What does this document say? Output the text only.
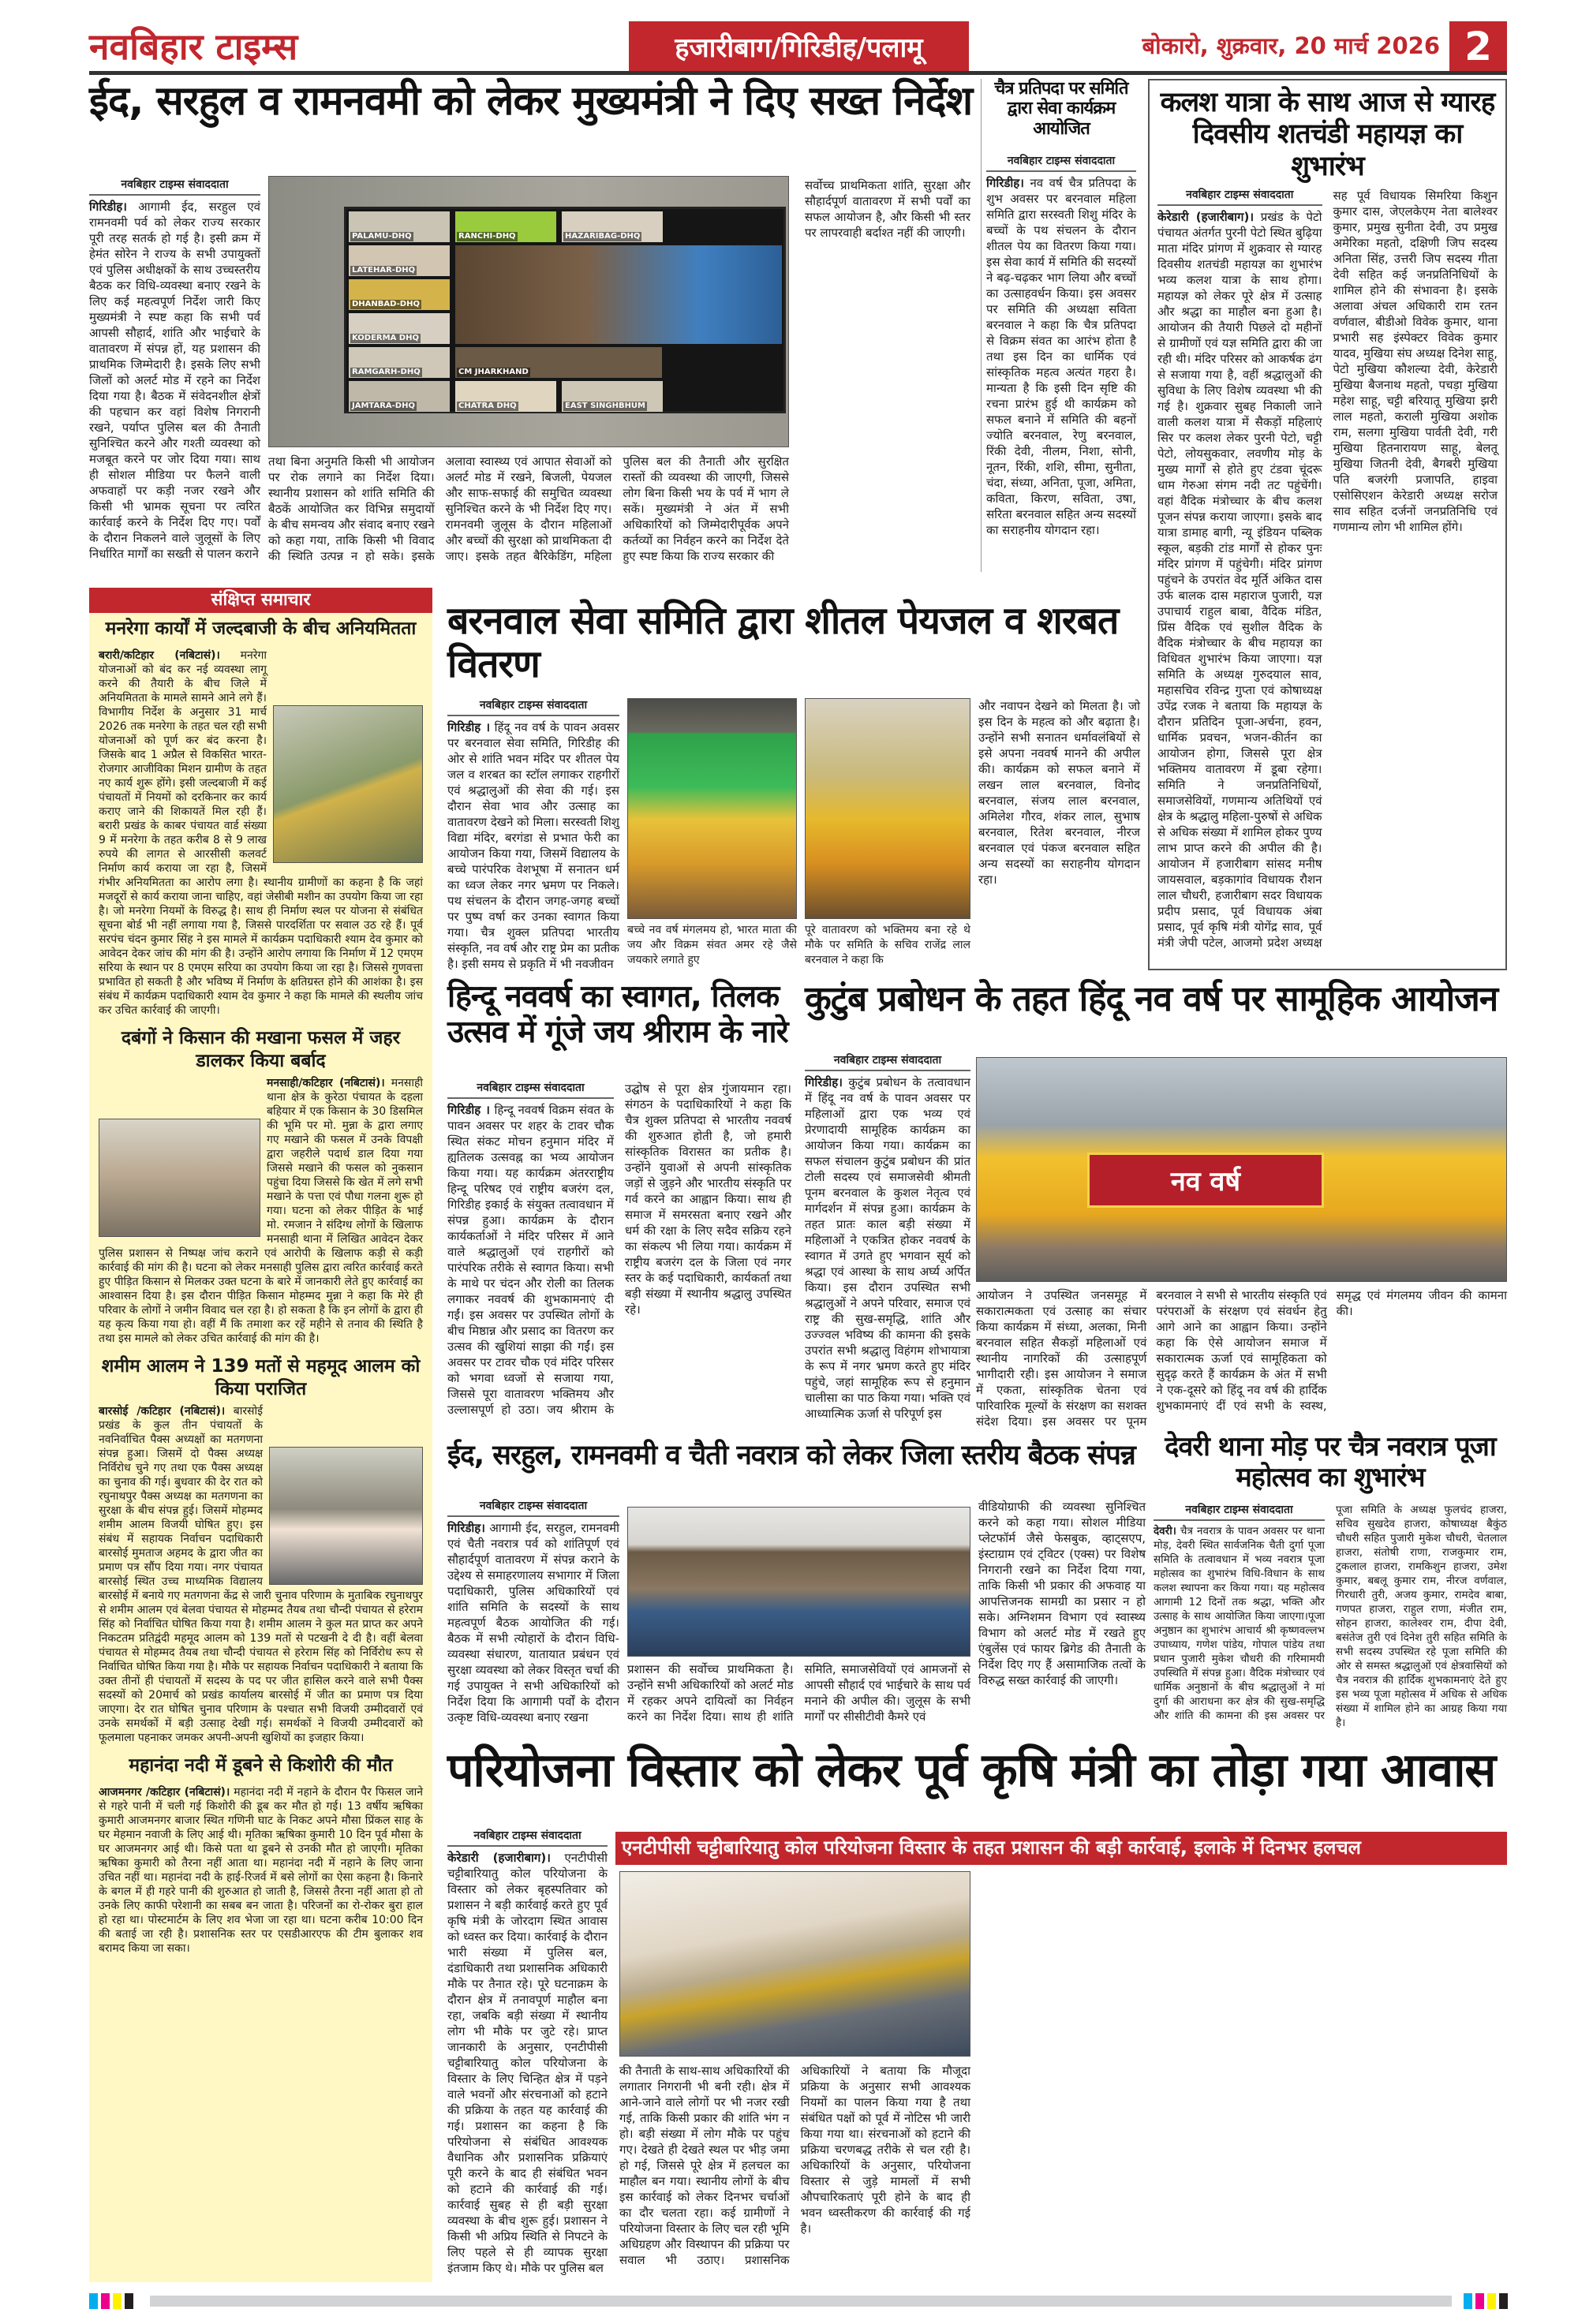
नवबिहार टाइम्स	हजारीबाग/गिरिडीह/पलामू	बोकारो, शुक्रवार, 20 मार्च 2026 2
ईद, सरहुल व रामनवमी को लेकर मुख्यमंत्री ने दिए सख्त निर्देश
नवबिहार टाइम्स संवाददाता
गिरिडीह। आगामी ईद, सरहुल एवं रामनवमी पर्व को लेकर राज्य सरकार पूरी तरह सतर्क हो गई है। इसी क्रम में हेमंत सोरेन ने राज्य के सभी उपायुक्तों एवं पुलिस अधीक्षकों के साथ उच्चस्तरीय बैठक कर विधि-व्यवस्था बनाए रखने के लिए कई महत्वपूर्ण निर्देश जारी किए मुख्यमंत्री ने स्पष्ट कहा कि सभी पर्व आपसी सौहार्द, शांति और भाईचारे के वातावरण में संपन्न हों, यह प्रशासन की प्राथमिक जिम्मेदारी है। इसके लिए सभी जिलों को अलर्ट मोड में रहने का निर्देश दिया गया है। बैठक में संवेदनशील क्षेत्रों की पहचान कर वहां विशेष निगरानी रखने, पर्याप्त पुलिस बल की तैनाती सुनिश्चित करने और गश्ती व्यवस्था को मजबूत करने पर जोर दिया गया। साथ ही सोशल मीडिया पर फैलने वाली अफवाहों पर कड़ी नजर रखने और किसी भी भ्रामक सूचना पर त्वरित कार्रवाई करने के निर्देश दिए गए। पर्वों के दौरान निकलने वाले जुलूसों के लिए निर्धारित मार्गों का सख्ती से पालन कराने
PALAMU-DHQ	RANCHI-DHQ	HAZARIBAG-DHQ
LATEHAR-DHQ
DHANBAD-DHQ
KODERMA DHQ
RAMGARH-DHQ	CM JHARKHAND
JAMTARA-DHQ	CHATRA DHQ	EAST SINGHBHUM
तथा बिना अनुमति किसी भी आयोजन पर रोक लगाने का निर्देश दिया। स्थानीय प्रशासन को शांति समिति की बैठकें आयोजित कर विभिन्न समुदायों के बीच समन्वय और संवाद बनाए रखने को कहा गया, ताकि किसी भी विवाद की स्थिति उत्पन्न न हो सके। इसके अलावा स्वास्थ्य एवं आपात सेवाओं को अलर्ट मोड में रखने, बिजली, पेयजल और साफ-सफाई की समुचित व्यवस्था सुनिश्चित करने के भी निर्देश दिए गए। रामनवमी जुलूस के दौरान महिलाओं और बच्चों की सुरक्षा को प्राथमिकता दी जाए। इसके तहत बैरिकेडिंग, महिला पुलिस बल की तैनाती और सुरक्षित रास्तों की व्यवस्था की जाएगी, जिससे लोग बिना किसी भय के पर्व में भाग ले सकें। मुख्यमंत्री ने अंत में सभी अधिकारियों को जिम्मेदारीपूर्वक अपने कर्तव्यों का निर्वहन करने का निर्देश देते हुए स्पष्ट किया कि राज्य सरकार की
सर्वोच्च प्राथमिकता शांति, सुरक्षा और सौहार्दपूर्ण वातावरण में सभी पर्वों का सफल आयोजन है, और किसी भी स्तर पर लापरवाही बर्दाश्त नहीं की जाएगी।
चैत्र प्रतिपदा पर समिति द्वारा सेवा कार्यक्रम आयोजित
नवबिहार टाइम्स संवाददाता
गिरिडीह। नव वर्ष चैत्र प्रतिपदा के शुभ अवसर पर बरनवाल महिला समिति द्वारा सरस्वती शिशु मंदिर के बच्चों के पथ संचलन के दौरान शीतल पेय का वितरण किया गया। इस सेवा कार्य में समिति की सदस्यों ने बढ़-चढ़कर भाग लिया और बच्चों का उत्साहवर्धन किया। इस अवसर पर समिति की अध्यक्षा सविता बरनवाल ने कहा कि चैत्र प्रतिपदा से विक्रम संवत का आरंभ होता है तथा इस दिन का धार्मिक एवं सांस्कृतिक महत्व अत्यंत गहरा है। मान्यता है कि इसी दिन सृष्टि की रचना प्रारंभ हुई थी कार्यक्रम को सफल बनाने में समिति की बहनों ज्योति बरनवाल, रेणु बरनवाल, रिंकी देवी, नीलम, निशा, सोनी, नूतन, रिंकी, शशि, सीमा, सुनीता, चंदा, संध्या, अनिता, पूजा, अमिता, कविता, किरण, सविता, उषा, सरिता बरनवाल सहित अन्य सदस्यों का सराहनीय योगदान रहा।
कलश यात्रा के साथ आज से ग्यारह दिवसीय शतचंडी महायज्ञ का शुभारंभ
नवबिहार टाइम्स संवाददाता
केरेडारी (हजारीबाग)। प्रखंड के पेटो पंचायत अंतर्गत पुरनी पेटो स्थित बुढ़िया माता मंदिर प्रांगण में शुक्रवार से ग्यारह दिवसीय शतचंडी महायज्ञ का शुभारंभ भव्य कलश यात्रा के साथ होगा। महायज्ञ को लेकर पूरे क्षेत्र में उत्साह और श्रद्धा का माहौल बना हुआ है। आयोजन की तैयारी पिछले दो महीनों से ग्रामीणों एवं यज्ञ समिति द्वारा की जा रही थी। मंदिर परिसर को आकर्षक ढंग से सजाया गया है, वहीं श्रद्धालुओं की सुविधा के लिए विशेष व्यवस्था भी की गई है। शुक्रवार सुबह निकाली जाने वाली कलश यात्रा में सैकड़ों महिलाएं सिर पर कलश लेकर पुरनी पेटो, चट्टी पेटो, लोयसुकवार, लवणीय मोड़ के मुख्य मार्गों से होते हुए टंडवा चूंदरू धाम गेरुआ संगम नदी तट पहुंचेंगी। वहां वैदिक मंत्रोच्चार के बीच कलश पूजन संपन्न कराया जाएगा। इसके बाद यात्रा डामाह बागी, न्यू इंडियन पब्लिक स्कूल, बड़की टांड मार्गों से होकर पुनः मंदिर प्रांगण में पहुंचेगी। मंदिर प्रांगण पहुंचने के उपरांत वेद मूर्ति अंकित दास उर्फ बालक दास महाराज पुजारी, यज्ञ उपाचार्य राहुल बाबा, वैदिक मंडित, प्रिंस वैदिक एवं सुशील वैदिक के वैदिक मंत्रोच्चार के बीच महायज्ञ का विधिवत शुभारंभ किया जाएगा। यज्ञ समिति के अध्यक्ष गुरुदयाल साव, महासचिव रविन्द्र गुप्ता एवं कोषाध्यक्ष उपेंद्र रजक ने बताया कि महायज्ञ के दौरान प्रतिदिन पूजा-अर्चना, हवन, धार्मिक प्रवचन, भजन-कीर्तन का आयोजन होगा, जिससे पूरा क्षेत्र भक्तिमय वातावरण में डूबा रहेगा। समिति ने जनप्रतिनिधियों, समाजसेवियों, गणमान्य अतिथियों एवं क्षेत्र के श्रद्धालु महिला-पुरुषों से अधिक से अधिक संख्या में शामिल होकर पुण्य लाभ प्राप्त करने की अपील की है। आयोजन में हजारीबाग सांसद मनीष जायसवाल, बड़कागांव विधायक रौशन लाल चौधरी, हजारीबाग सदर विधायक प्रदीप प्रसाद, पूर्व विधायक अंबा प्रसाद, पूर्व कृषि मंत्री योगेंद्र साव, पूर्व मंत्री जेपी पटेल, आजमो प्रदेश अध्यक्ष सह पूर्व विधायक सिमरिया किशुन कुमार दास, जेएलकेएम नेता बालेश्वर कुमार, प्रमुख सुनीता देवी, उप प्रमुख अमेरिका महतो, दक्षिणी जिप सदस्य अनिता सिंह, उत्तरी जिप सदस्य गीता देवी सहित कई जनप्रतिनिधियों के शामिल होने की संभावना है। इसके अलावा अंचल अधिकारी राम रतन वर्णवाल, बीडीओ विवेक कुमार, थाना प्रभारी सह इंस्पेक्टर विवेक कुमार यादव, मुखिया संघ अध्यक्ष दिनेश साहू, पेटो मुखिया कौशल्या देवी, केरेडारी मुखिया बैजनाथ महतो, पचड़ा मुखिया महेश साहू, चट्टी बरियातू मुखिया झरी लाल महतो, कराली मुखिया अशोक राम, सलगा मुखिया पार्वती देवी, गरी मुखिया हितनारायण साहू, बेलतू मुखिया जितनी देवी, बैगबरी मुखिया पति बजरंगी प्रजापति, हाइवा एसोसिएशन केरेडारी अध्यक्ष सरोज साव सहित दर्जनों जनप्रतिनिधि एवं गणमान्य लोग भी शामिल होंगे।
संक्षिप्त समाचार
मनरेगा कार्यों में जल्दबाजी के बीच अनियमितता
बरारी/कटिहार (नबिटासं)। मनरेगा योजनाओं को बंद कर नई व्यवस्था लागू करने की तैयारी के बीच जिले में अनियमितता के मामले सामने आने लगे हैं। विभागीय निर्देश के अनुसार 31 मार्च 2026 तक मनरेगा के तहत चल रही सभी योजनाओं को पूर्ण कर बंद करना है। जिसके बाद 1 अप्रैल से विकसित भारत-रोजगार आजीविका मिशन ग्रामीण के तहत नए कार्य शुरू होंगे। इसी जल्दबाजी में कई पंचायतों में नियमों को दरकिनार कर कार्य कराए जाने की शिकायतें मिल रही हैं। बरारी प्रखंड के काबर पंचायत वार्ड संख्या 9 में मनरेगा के तहत करीब 8 से 9 लाख रुपये की लागत से आरसीसी कलवर्ट निर्माण कार्य कराया जा रहा है, जिसमें गंभीर अनियमितता का आरोप लगा है। स्थानीय ग्रामीणों का कहना है कि जहां मजदूरों से कार्य कराया जाना चाहिए, वहां जेसीबी मशीन का उपयोग किया जा रहा है। जो मनरेगा नियमों के विरुद्ध है। साथ ही निर्माण स्थल पर योजना से संबंधित सूचना बोर्ड भी नहीं लगाया गया है, जिससे पारदर्शिता पर सवाल उठ रहे हैं। पूर्व सरपंच चंदन कुमार सिंह ने इस मामले में कार्यक्रम पदाधिकारी श्याम देव कुमार को आवेदन देकर जांच की मांग की है। उन्होंने आरोप लगाया कि निर्माण में 12 एमएम सरिया के स्थान पर 8 एमएम सरिया का उपयोग किया जा रहा है। जिससे गुणवत्ता प्रभावित हो सकती है और भविष्य में निर्माण के क्षतिग्रस्त होने की आशंका है। इस संबंध में कार्यक्रम पदाधिकारी श्याम देव कुमार ने कहा कि मामले की स्थलीय जांच कर उचित कार्रवाई की जाएगी।
दबंगों ने किसान की मखाना फसल में जहर डालकर किया बर्बाद
मनसाही/कटिहार (नबिटासं)। मनसाही थाना क्षेत्र के कुरेठा पंचायत के दहला बहियार में एक किसान के 30 डिसमिल की भूमि पर मो. मुन्ना के द्वारा लगाए गए मखाने की फसल में उनके विपक्षी द्वारा जहरीले पदार्थ डाल दिया गया जिससे मखाने की फसल को नुकसान पहुंचा दिया जिससे कि खेत में लगे सभी मखाने के पत्ता एवं पौधा गलना शुरू हो गया। घटना को लेकर पीड़ित के भाई मो. रमजान ने संदिग्ध लोगों के खिलाफ मनसाही थाना में लिखित आवेदन देकर पुलिस प्रशासन से निष्पक्ष जांच कराने एवं आरोपी के खिलाफ कड़ी से कड़ी कार्रवाई की मांग की है। घटना को लेकर मनसाही पुलिस द्वारा त्वरित कार्रवाई करते हुए पीड़ित किसान से मिलकर उक्त घटना के बारे में जानकारी लेते हुए कार्रवाई का आश्वासन दिया है। इस दौरान पीड़ित किसान मोहम्मद मुन्ना ने कहा कि मेरे ही परिवार के लोगों ने जमीन विवाद चल रहा है। हो सकता है कि इन लोगों के द्वारा ही यह कृत्य किया गया हो। वहीं मैं कि तमाशा कर रहें महीने से तनाव की स्थिति है तथा इस मामले को लेकर उचित कार्रवाई की मांग की है।
शमीम आलम ने 139 मतों से महमूद आलम को किया पराजित
बारसोई /कटिहार (नबिटासं)। बारसोई प्रखंड के कुल तीन पंचायतों के नवनिर्वाचित पैक्स अध्यक्षों का मतगणना संपन्न हुआ। जिसमें दो पैक्स अध्यक्ष निर्विरोध चुने गए तथा एक पैक्स अध्यक्ष का चुनाव की गई। बुधवार की देर रात को रघुनाथपुर पैक्स अध्यक्ष का मतगणना का सुरक्षा के बीच संपन्न हुई। जिसमें मोहम्मद शमीम आलम विजयी घोषित हुए। इस संबंध में सहायक निर्वाचन पदाधिकारी बारसोई मुमताज अहमद के द्वारा जीत का प्रमाण पत्र सौंप दिया गया। नगर पंचायत बारसोई स्थित उच्च माध्यमिक विद्यालय बारसोई में बनाये गए मतगणना केंद्र से जारी चुनाव परिणाम के मुताबिक रघुनाथपुर से शमीम आलम एवं बेलवा पंचायत से मोहम्मद तैयब तथा चौन्दी पंचायत से हरेराम सिंह को निर्वाचित घोषित किया गया है। शमीम आलम ने कुल मत प्राप्त कर अपने निकटतम प्रतिद्वंदी महमूद आलम को 139 मतों से पटखनी दे दी है। वहीं बेलवा पंचायत से मोहम्मद तैयब तथा चौन्दी पंचायत से हरेराम सिंह को निर्विरोध रूप से निर्वाचित घोषित किया गया है। मौके पर सहायक निर्वाचन पदाधिकारी ने बताया कि उक्त तीनों ही पंचायतों में सदस्य के पद पर जीत हासिल करने वाले सभी पैक्स सदस्यों को 20मार्च को प्रखंड कार्यालय बारसोई में जीत का प्रमाण पत्र दिया जाएगा। देर रात घोषित चुनाव परिणाम के पश्चात सभी विजयी उम्मीदवारों एवं उनके समर्थकों में बड़ी उत्साह देखी गई। समर्थकों ने विजयी उम्मीदवारों को फूलमाला पहनाकर जमकर अपनी-अपनी खुशियों का इजहार किया।
महानंदा नदी में डूबने से किशोरी की मौत
आजमनगर /कटिहार (नबिटासं)। महानंदा नदी में नहाने के दौरान पैर फिसल जाने से गहरे पानी में चली गई किशोरी की डूब कर मौत हो गई। 13 वर्षीय ऋषिका कुमारी आजमनगर बाजार स्थित गणिनी घाट के निकट अपने मौसा प्रिंकल साह के घर मेहमान नवाजी के लिए आई थी। मृतिका ऋषिका कुमारी 10 दिन पूर्व मौसा के घर आजमनगर आई थी। किसे पता था डूबने से उनकी मौत हो जाएगी। मृतिका ऋषिका कुमारी को तैरना नहीं आता था। महानंदा नदी में नहाने के लिए जाना उचित नहीं था। महानंदा नदी के हाई-रिजर्व में बसे लोगों का ऐसा कहना है। किनारे के बगल में ही गहरे पानी की शुरुआत हो जाती है, जिससे तैरना नहीं आता हो तो उनके लिए काफी परेशानी का सबब बन जाता है। परिजनों का रो-रोकर बुरा हाल हो रहा था। पोस्टमार्टम के लिए शव भेजा जा रहा था। घटना करीब 10:00 दिन की बताई जा रही है। प्रशासनिक स्तर पर एसडीआरएफ की टीम बुलाकर शव बरामद किया जा सका।
बरनवाल सेवा समिति द्वारा शीतल पेयजल व शरबत वितरण
नवबिहार टाइम्स संवाददाता
गिरिडीह । हिंदू नव वर्ष के पावन अवसर पर बरनवाल सेवा समिति, गिरिडीह की ओर से शांति भवन मंदिर पर शीतल पेय जल व शरबत का स्टॉल लगाकर राहगीरों एवं श्रद्धालुओं की सेवा की गई। इस दौरान सेवा भाव और उत्साह का वातावरण देखने को मिला। सरस्वती शिशु विद्या मंदिर, बरगंडा से प्रभात फेरी का आयोजन किया गया, जिसमें विद्यालय के बच्चे पारंपरिक वेशभूषा में सनातन धर्म का ध्वज लेकर नगर भ्रमण पर निकले। पथ संचलन के दौरान जगह-जगह बच्चों पर पुष्प वर्षा कर उनका स्वागत किया गया। चैत्र शुक्ल प्रतिपदा भारतीय संस्कृति, नव वर्ष और राष्ट्र प्रेम का प्रतीक है। इसी समय से प्रकृति में भी नवजीवन
बच्चे नव वर्ष मंगलमय हो, भारत माता की जय और विक्रम संवत अमर रहे जैसे जयकारे लगाते हुए
पूरे वातावरण को भक्तिमय बना रहे थे मौके पर समिति के सचिव राजेंद्र लाल बरनवाल ने कहा कि
और नवापन देखने को मिलता है। जो इस दिन के महत्व को और बढ़ाता है। उन्होंने सभी सनातन धर्मावलंबियों से इसे अपना नववर्ष मानने की अपील की। कार्यक्रम को सफल बनाने में लखन लाल बरनवाल, विनोद बरनवाल, संजय लाल बरनवाल, अमिलेश गौरव, शंकर लाल, सुभाष बरनवाल, रितेश बरनवाल, नीरज बरनवाल एवं पंकज बरनवाल सहित अन्य सदस्यों का सराहनीय योगदान रहा।
हिन्दू नववर्ष का स्वागत, तिलक उत्सव में गूंजे जय श्रीराम के नारे
नवबिहार टाइम्स संवाददाता
गिरिडीह । हिन्दू नववर्ष विक्रम संवत के पावन अवसर पर शहर के टावर चौक स्थित संकट मोचन हनुमान मंदिर में ह्यतिलक उत्सवह्न का भव्य आयोजन किया गया। यह कार्यक्रम अंतरराष्ट्रीय हिन्दू परिषद एवं राष्ट्रीय बजरंग दल, गिरिडीह इकाई के संयुक्त तत्वावधान में संपन्न हुआ। कार्यक्रम के दौरान कार्यकर्ताओं ने मंदिर परिसर में आने वाले श्रद्धालुओं एवं राहगीरों को पारंपरिक तरीके से स्वागत किया। सभी के माथे पर चंदन और रोली का तिलक लगाकर नववर्ष की शुभकामनाएं दी गईं। इस अवसर पर उपस्थित लोगों के बीच मिष्ठान्न और प्रसाद का वितरण कर उत्सव की खुशियां साझा की गईं। इस अवसर पर टावर चौक एवं मंदिर परिसर को भगवा ध्वजों से सजाया गया, जिससे पूरा वातावरण भक्तिमय और उल्लासपूर्ण हो उठा। जय श्रीराम के उद्घोष से पूरा क्षेत्र गुंजायमान रहा। संगठन के पदाधिकारियों ने कहा कि चैत्र शुक्ल प्रतिपदा से भारतीय नववर्ष की शुरुआत होती है, जो हमारी सांस्कृतिक विरासत का प्रतीक है। उन्होंने युवाओं से अपनी सांस्कृतिक जड़ों से जुड़ने और भारतीय संस्कृति पर गर्व करने का आह्वान किया। साथ ही समाज में समरसता बनाए रखने और धर्म की रक्षा के लिए सदैव सक्रिय रहने का संकल्प भी लिया गया। कार्यक्रम में राष्ट्रीय बजरंग दल के जिला एवं नगर स्तर के कई पदाधिकारी, कार्यकर्ता तथा बड़ी संख्या में स्थानीय श्रद्धालु उपस्थित रहे।
कुटुंब प्रबोधन के तहत हिंदू नव वर्ष पर सामूहिक आयोजन
नव वर्ष
नवबिहार टाइम्स संवाददाता
गिरिडीह। कुटुंब प्रबोधन के तत्वावधान में हिंदू नव वर्ष के पावन अवसर पर महिलाओं द्वारा एक भव्य एवं प्रेरणादायी सामूहिक कार्यक्रम का आयोजन किया गया। कार्यक्रम का सफल संचालन कुटुंब प्रबोधन की प्रांत टोली सदस्य एवं समाजसेवी श्रीमती पूनम बरनवाल के कुशल नेतृत्व एवं मार्गदर्शन में संपन्न हुआ। कार्यक्रम के तहत प्रातः काल बड़ी संख्या में महिलाओं ने एकत्रित होकर नववर्ष के स्वागत में उगते हुए भगवान सूर्य को श्रद्धा एवं आस्था के साथ अर्घ्य अर्पित किया। इस दौरान उपस्थित सभी श्रद्धालुओं ने अपने परिवार, समाज एवं राष्ट्र की सुख-समृद्धि, शांति और उज्ज्वल भविष्य की कामना की इसके उपरांत सभी श्रद्धालु विहंगम शोभायात्रा के रूप में नगर भ्रमण करते हुए मंदिर पहुंचे, जहां सामूहिक रूप से हनुमान चालीसा का पाठ किया गया। भक्ति एवं आध्यात्मिक ऊर्जा से परिपूर्ण इस
आयोजन ने उपस्थित जनसमूह में सकारात्मकता एवं उत्साह का संचार किया कार्यक्रम में संध्या, अलका, मिनी बरनवाल सहित सैकड़ों महिलाओं एवं स्थानीय नागरिकों की उत्साहपूर्ण भागीदारी रही। इस आयोजन ने समाज में एकता, सांस्कृतिक चेतना एवं पारिवारिक मूल्यों के संरक्षण का सशक्त संदेश दिया। इस अवसर पर पूनम बरनवाल ने सभी से भारतीय संस्कृति एवं परंपराओं के संरक्षण एवं संवर्धन हेतु आगे आने का आह्वान किया। उन्होंने कहा कि ऐसे आयोजन समाज में सकारात्मक ऊर्जा एवं सामूहिकता को सुदृढ़ करते हैं कार्यक्रम के अंत में सभी ने एक-दूसरे को हिंदू नव वर्ष की हार्दिक शुभकामनाएं दीं एवं सभी के स्वस्थ, समृद्ध एवं मंगलमय जीवन की कामना की।
ईद, सरहुल, रामनवमी व चैती नवरात्र को लेकर जिला स्तरीय बैठक संपन्न
नवबिहार टाइम्स संवाददाता
गिरिडीह। आगामी ईद, सरहुल, रामनवमी एवं चैती नवरात्र पर्व को शांतिपूर्ण एवं सौहार्दपूर्ण वातावरण में संपन्न कराने के उद्देश्य से समाहरणालय सभागार में जिला पदाधिकारी, पुलिस अधिकारियों एवं शांति समिति के सदस्यों के साथ महत्वपूर्ण बैठक आयोजित की गई। बैठक में सभी त्योहारों के दौरान विधि-व्यवस्था संधारण, यातायात प्रबंधन एवं सुरक्षा व्यवस्था को लेकर विस्तृत चर्चा की गई उपायुक्त ने सभी अधिकारियों को निर्देश दिया कि आगामी पर्वों के दौरान उत्कृष्ट विधि-व्यवस्था बनाए रखना
प्रशासन की सर्वोच्च प्राथमिकता है। उन्होंने सभी अधिकारियों को अलर्ट मोड में रहकर अपने दायित्वों का निर्वहन करने का निर्देश दिया। साथ ही शांति समिति, समाजसेवियों एवं आमजनों से आपसी सौहार्द एवं भाईचारे के साथ पर्व मनाने की अपील की। जुलूस के सभी मार्गों पर सीसीटीवी कैमरे एवं
वीडियोग्राफी की व्यवस्था सुनिश्चित करने को कहा गया। सोशल मीडिया प्लेटफॉर्म जैसे फेसबुक, व्हाट्सएप, इंस्टाग्राम एवं ट्विटर (एक्स) पर विशेष निगरानी रखने का निर्देश दिया गया, ताकि किसी भी प्रकार की अफवाह या आपत्तिजनक सामग्री का प्रसार न हो सके। अग्निशमन विभाग एवं स्वास्थ्य विभाग को अलर्ट मोड में रखते हुए एंबुलेंस एवं फायर ब्रिगेड की तैनाती के निर्देश दिए गए हैं असामाजिक तत्वों के विरुद्ध सख्त कार्रवाई की जाएगी।
देवरी थाना मोड़ पर चैत्र नवरात्र पूजा महोत्सव का शुभारंभ
नवबिहार टाइम्स संवाददाता
देवरी। चैत्र नवरात्र के पावन अवसर पर थाना मोड़, देवरी स्थित सार्वजनिक चैती दुर्गा पूजा समिति के तत्वावधान में भव्य नवरात्र पूजा महोत्सव का शुभारंभ विधि-विधान के साथ कलश स्थापना कर किया गया। यह महोत्सव आगामी 12 दिनों तक श्रद्धा, भक्ति और उत्साह के साथ आयोजित किया जाएगा।पूजा अनुष्ठान का शुभारंभ आचार्य श्री कृष्णवल्लभ उपाध्याय, गणेश पांडेय, गोपाल पांडेय तथा प्रधान पुजारी मुकेश चौधरी की गरिमामयी उपस्थिति में संपन्न हुआ। वैदिक मंत्रोच्चार एवं धार्मिक अनुष्ठानों के बीच श्रद्धालुओं ने मां दुर्गा की आराधना कर क्षेत्र की सुख-समृद्धि और शांति की कामना की इस अवसर पर पूजा समिति के अध्यक्ष फुलचंद हाजरा, सचिव सुखदेव हाजरा, कोषाध्यक्ष बैकुंठ चौधरी सहित पुजारी मुकेश चौधरी, चेतलाल हाजरा, संतोषी राणा, राजकुमार राम, टुकलाल हाजरा, रामकिशुन हाजरा, उमेश कुमार, बबलू कुमार राम, नीरज वर्णवाल, गिरधारी तुरी, अजय कुमार, रामदेव बाबा, गणपत हाजरा, राहुल राणा, मंजीत राम, सोहन हाजरा, कालेश्वर राम, दीपा देवी, बसंतेज तुरी एवं दिनेश तुरी सहित समिति के सभी सदस्य उपस्थित रहे पूजा समिति की ओर से समस्त श्रद्धालुओं एवं क्षेत्रवासियों को चैत्र नवरात्र की हार्दिक शुभकामनाएं देते हुए इस भव्य पूजा महोत्सव में अधिक से अधिक संख्या में शामिल होने का आग्रह किया गया है।
परियोजना विस्तार को लेकर पूर्व कृषि मंत्री का तोड़ा गया आवास
एनटीपीसी चट्टीबारियातु कोल परियोजना विस्तार के तहत प्रशासन की बड़ी कार्रवाई, इलाके में दिनभर हलचल
नवबिहार टाइम्स संवाददाता
केरेडारी (हजारीबाग)। एनटीपीसी चट्टीबारियातु कोल परियोजना के विस्तार को लेकर बृहस्पतिवार को प्रशासन ने बड़ी कार्रवाई करते हुए पूर्व कृषि मंत्री के जोरदाग स्थित आवास को ध्वस्त कर दिया। कार्रवाई के दौरान भारी संख्या में पुलिस बल, दंडाधिकारी तथा प्रशासनिक अधिकारी मौके पर तैनात रहे। पूरे घटनाक्रम के दौरान क्षेत्र में तनावपूर्ण माहौल बना रहा, जबकि बड़ी संख्या में स्थानीय लोग भी मौके पर जुटे रहे। प्राप्त जानकारी के अनुसार, एनटीपीसी चट्टीबारियातु कोल परियोजना के विस्तार के लिए चिन्हित क्षेत्र में पड़ने वाले भवनों और संरचनाओं को हटाने की प्रक्रिया के तहत यह कार्रवाई की गई। प्रशासन का कहना है कि परियोजना से संबंधित आवश्यक वैधानिक और प्रशासनिक प्रक्रियाएं पूरी करने के बाद ही संबंधित भवन को हटाने की कार्रवाई की गई। कार्रवाई सुबह से ही बड़ी सुरक्षा व्यवस्था के बीच शुरू हुई। प्रशासन ने किसी भी अप्रिय स्थिति से निपटने के लिए पहले से ही व्यापक सुरक्षा इंतजाम किए थे। मौके पर पुलिस बल
की तैनाती के साथ-साथ अधिकारियों की लगातार निगरानी भी बनी रही। क्षेत्र में आने-जाने वाले लोगों पर भी नजर रखी गई, ताकि किसी प्रकार की शांति भंग न हो। बड़ी संख्या में लोग मौके पर पहुंच गए। देखते ही देखते स्थल पर भीड़ जमा हो गई, जिससे पूरे क्षेत्र में हलचल का माहौल बन गया। स्थानीय लोगों के बीच इस कार्रवाई को लेकर दिनभर चर्चाओं का दौर चलता रहा। कई ग्रामीणों ने परियोजना विस्तार के लिए चल रही भूमि अधिग्रहण और विस्थापन की प्रक्रिया पर सवाल भी उठाए। प्रशासनिक अधिकारियों ने बताया कि मौजूदा प्रक्रिया के अनुसार सभी आवश्यक नियमों का पालन किया गया है तथा संबंधित पक्षों को पूर्व में नोटिस भी जारी किया गया था। संरचनाओं को हटाने की प्रक्रिया चरणबद्ध तरीके से चल रही है। अधिकारियों के अनुसार, परियोजना विस्तार से जुड़े मामलों में सभी औपचारिकताएं पूरी होने के बाद ही भवन ध्वस्तीकरण की कार्रवाई की गई है।
